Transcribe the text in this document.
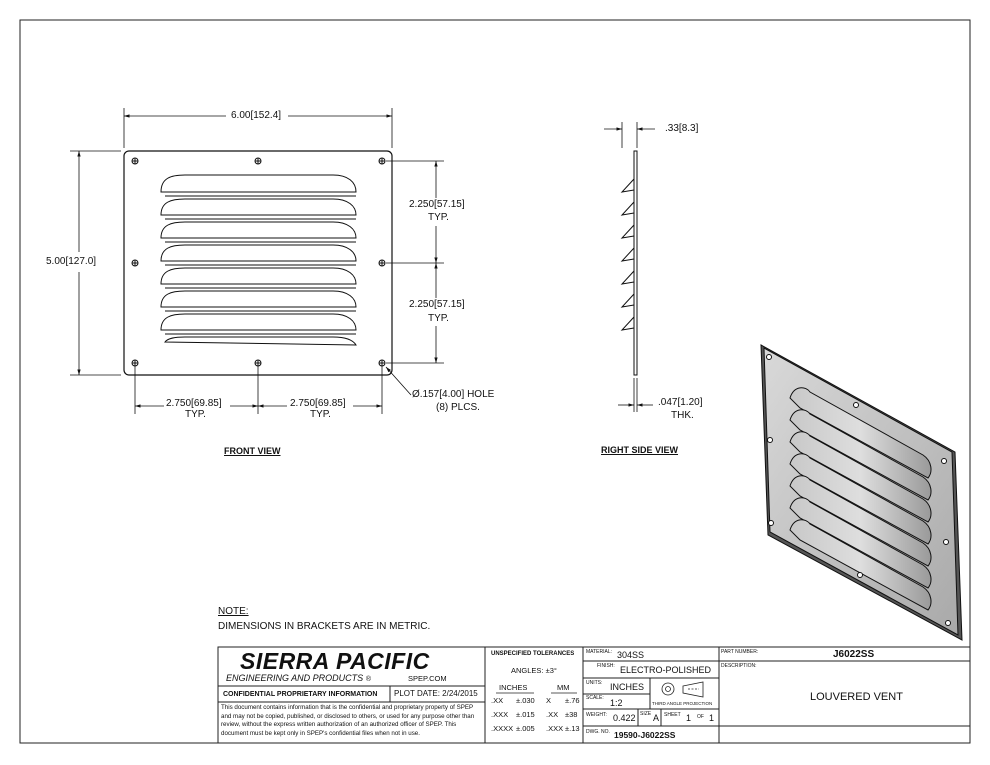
6.00[152.4]
5.00[127.0]
2.250[57.15]
TYP.
2.250[57.15]
TYP.
2.750[69.85]
TYP.
2.750[69.85]
TYP.
Ø.157[4.00] HOLE
(8) PLCS.
FRONT VIEW
.33[8.3]
.047[1.20]
THK.
RIGHT SIDE VIEW
NOTE:
DIMENSIONS IN BRACKETS ARE IN METRIC.
SIERRA PACIFIC
ENGINEERING AND PRODUCTS ®	SPEP.COM
CONFIDENTIAL PROPRIETARY INFORMATION PLOT DATE: 2/24/2015
This document contains information that is the confidential and proprietary property of SPEP and may not be copied, published, or disclosed to others, or used for any purpose other than review, without the express written authorization of an authorized officer of SPEP. This document must be kept only in SPEP's confidential files when not in use.
UNSPECIFIED TOLERANCES
ANGLES: ±3°
INCHES	MM
.XX ±.030 X ±.76
.XXX ±.015 .XX ±38
.XXXX ±.005 .XXX ±.13
MATERIAL: 304SS
FINISH: ELECTRO-POLISHED
UNITS: INCHES
SCALE: 1:2	THIRD ANGLE PROJECTION
WEIGHT: 0.422 SIZE A SHEET 1 OF 1
DWG. NO. 19590-J6022SS
PART NUMBER:	J6022SS
DESCRIPTION:
LOUVERED VENT
